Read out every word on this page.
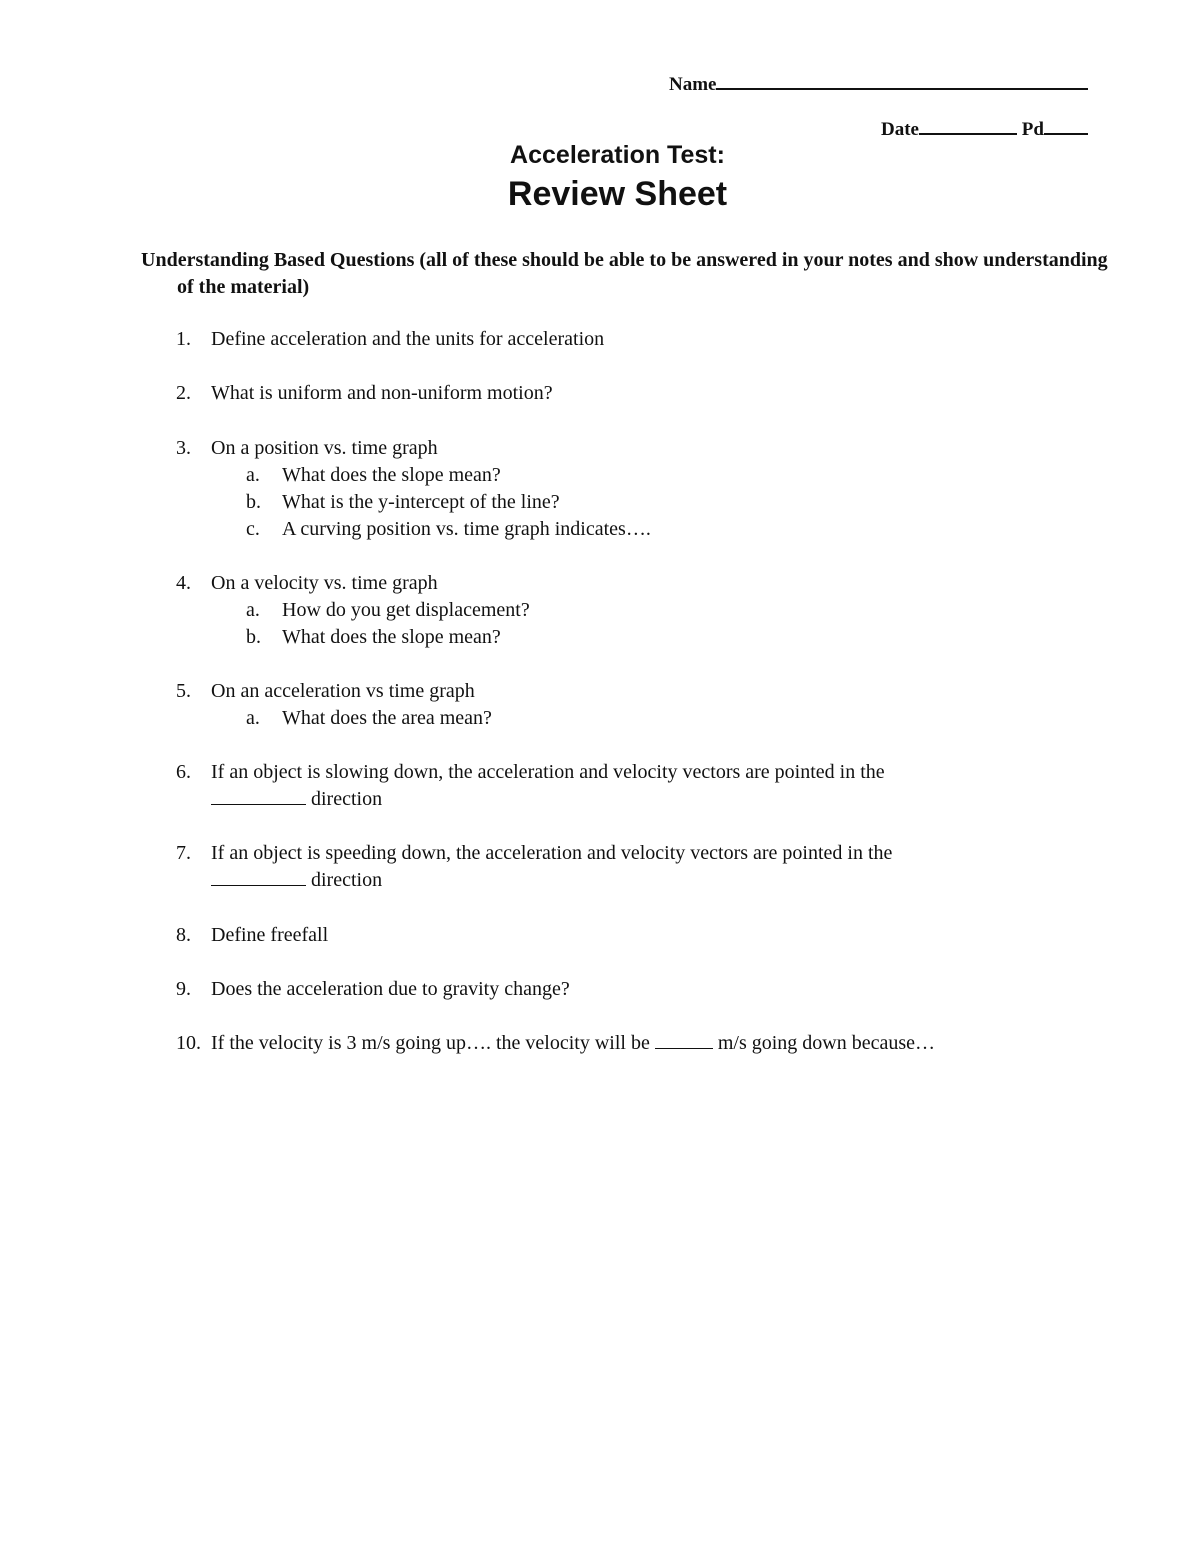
Name
Date	Pd
Acceleration Test:
Review Sheet
Understanding Based Questions (all of these should be able to be answered in your notes and show understanding of the material)
1.	Define acceleration and the units for acceleration
2.	What is uniform and non-uniform motion?
3.	On a position vs. time graph
a. What does the slope mean?
b. What is the y-intercept of the line?
c. A curving position vs. time graph indicates….
4.	On a velocity vs. time graph
a. How do you get displacement?
b. What does the slope mean?
5.	On an acceleration vs time graph
a. What does the area mean?
6.	If an object is slowing down, the acceleration and velocity vectors are pointed in the
direction
7.	If an object is speeding down, the acceleration and velocity vectors are pointed in the
direction
8.	Define freefall
9.	Does the acceleration due to gravity change?
10. If the velocity is 3 m/s going up…. the velocity will be	m/s going down because…
